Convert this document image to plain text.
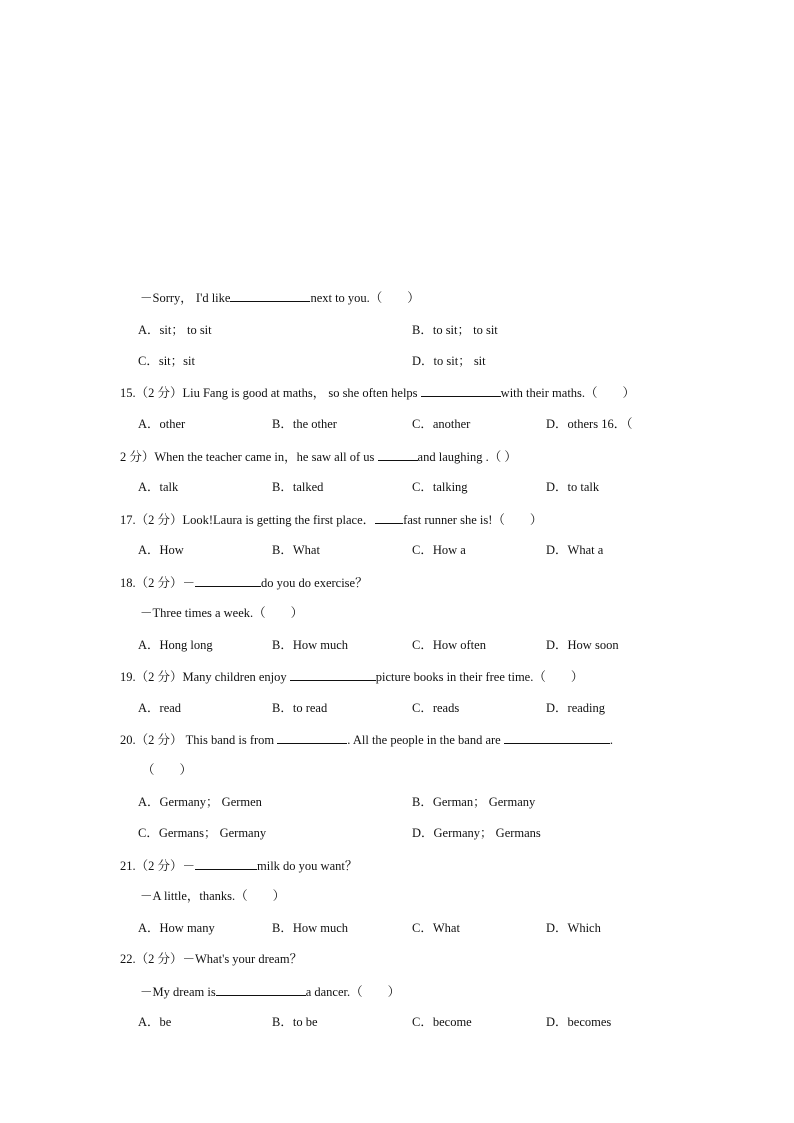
－Sorry， I'd like	next to you.（　　）
A．sit； to sit	B．to sit； to sit
C．sit；sit	D．to sit； sit
15.（2 分）Liu Fang is good at maths， so she often helps	with their maths.（　　）
A．other	B．the other	C．another	D．others 16．（
2 分）When the teacher came in，he saw all of us	and laughing .（ ）
A．talk	B．talked	C．talking	D．to talk
17.（2 分）Look!Laura is getting the first place． fast runner she is!（　　）
A．How	B．What	C．How a	D．What a
18.（2 分）－	do you do exercise？
－Three times a week.（　　）
A．Hong long	B．How much	C．How often	D．How soon
19.（2 分）Many children enjoy	picture books in their free time.（　　）
A．read	B．to read	C．reads	D．reading
20.（2 分） This band is from	. All the people in the band are	.
（　　）
A．Germany； Germen	B．German； Germany
C．Germans； Germany	D．Germany； Germans
21.（2 分）－	milk do you want？
－A little，thanks.（　　）
A．How many	B．How much	C．What	D．Which
22.（2 分）－What's your dream？
－My dream is	a dancer.（　　）
A．be	B．to be	C．become	D．becomes
